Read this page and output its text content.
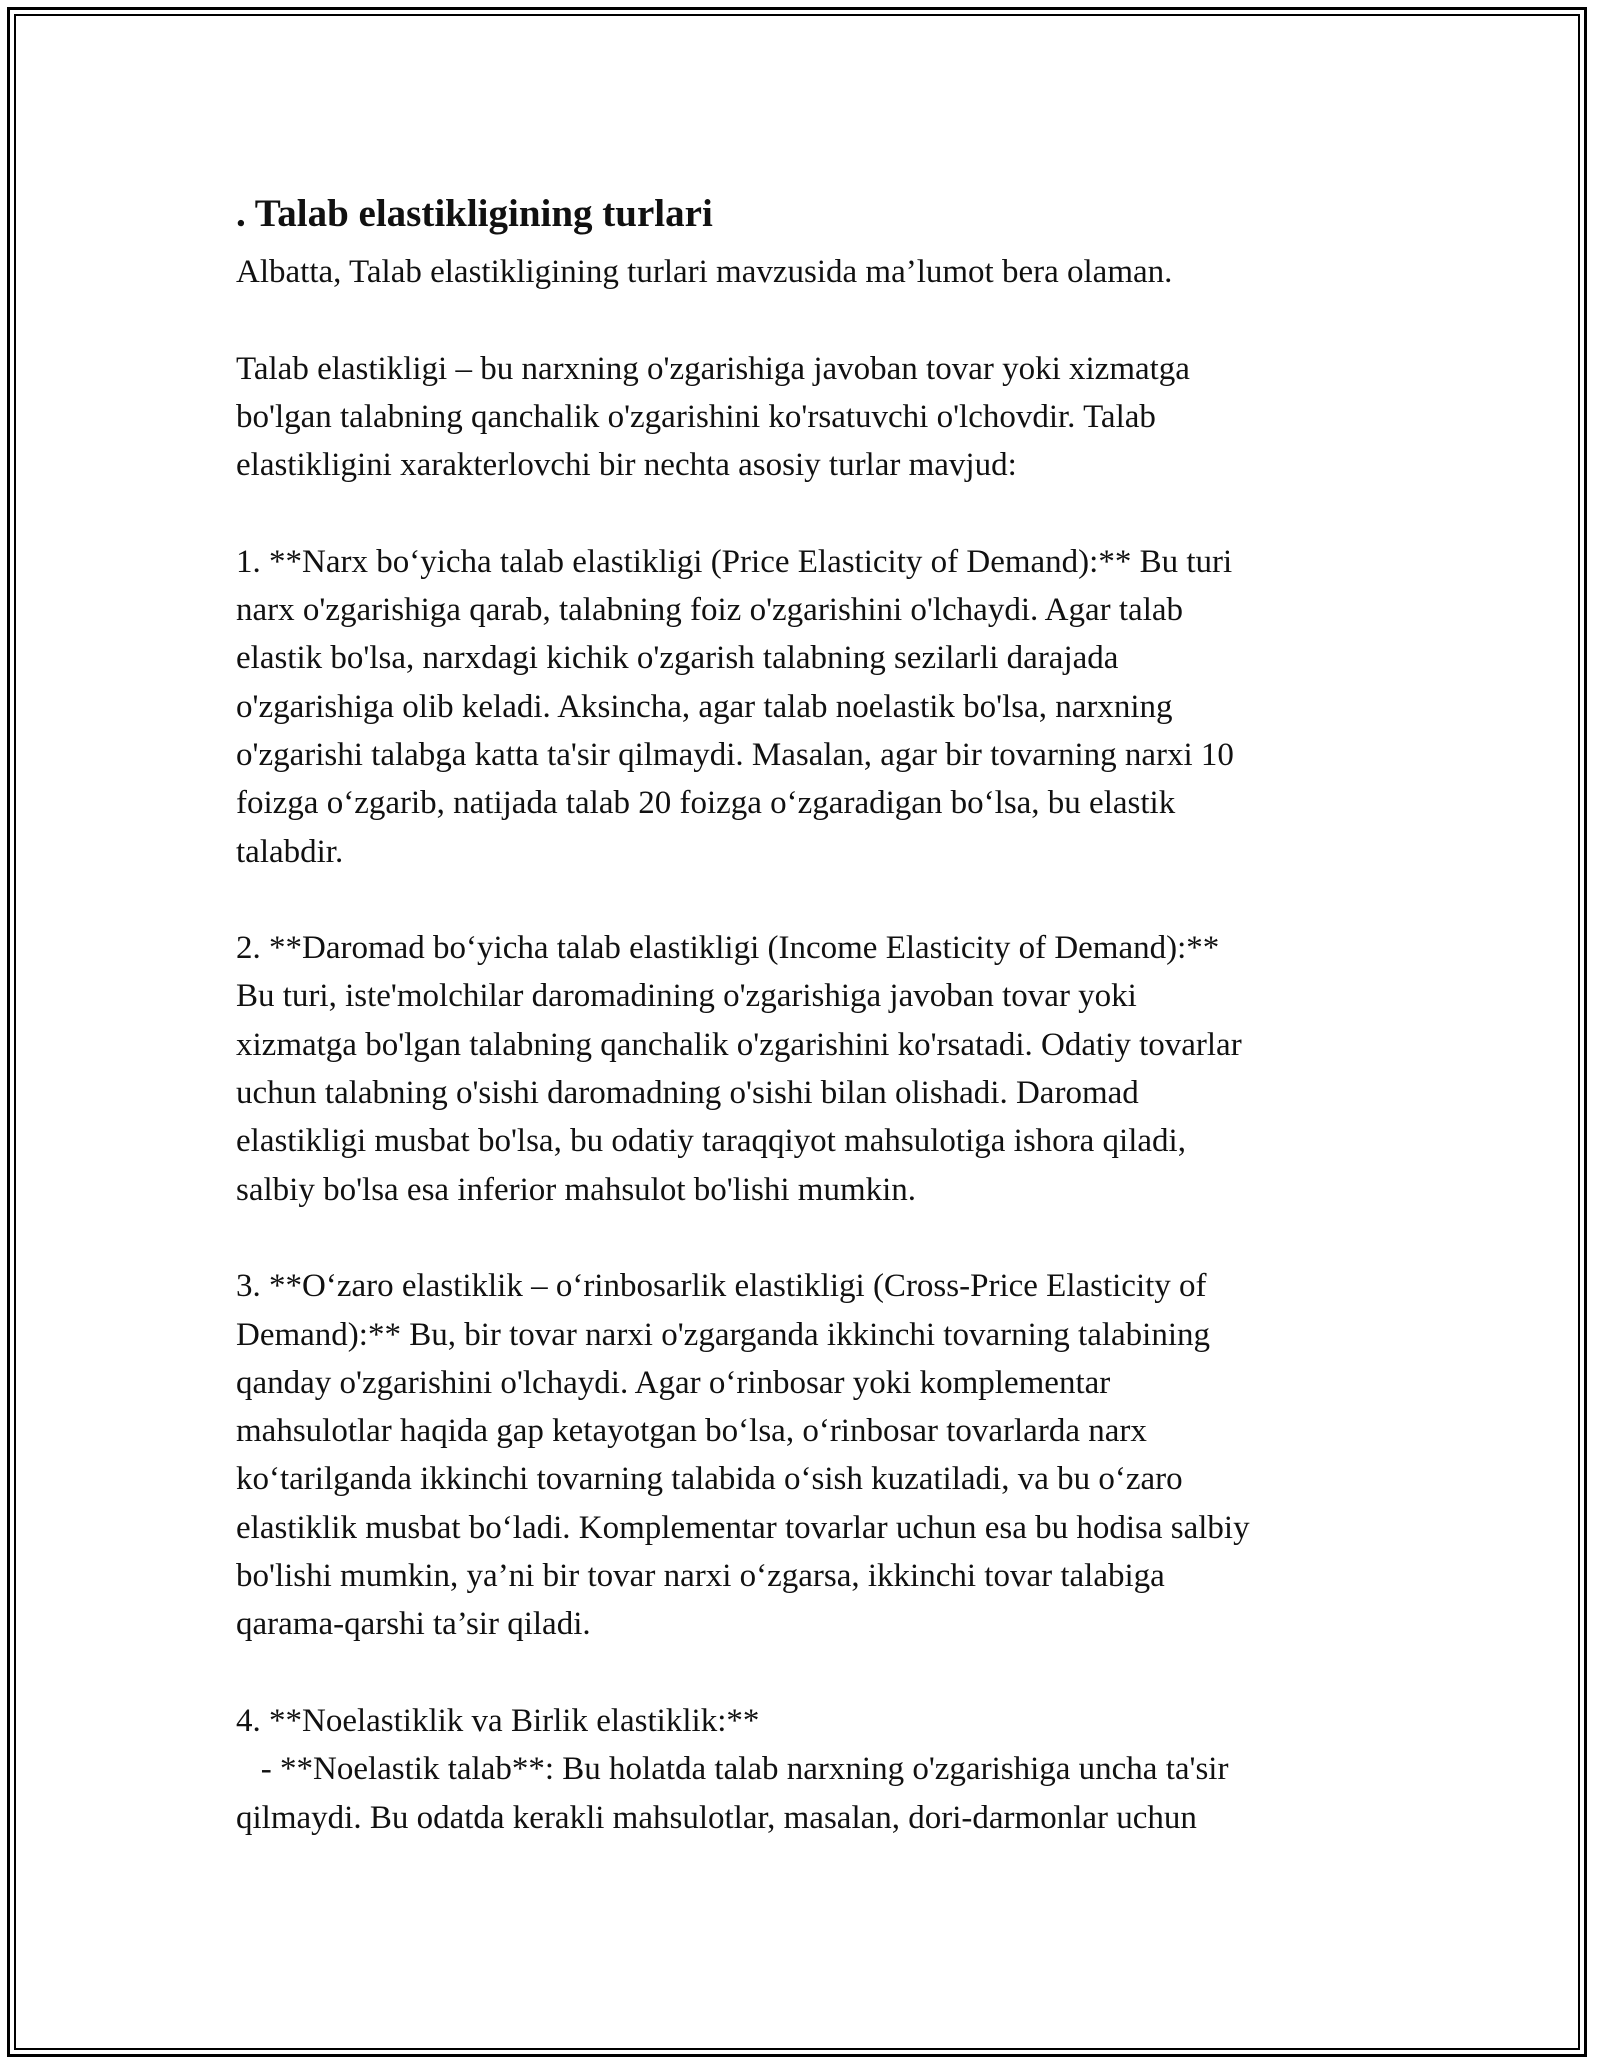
. Talab elastikligining turlari
Albatta, Talab elastikligining turlari mavzusida ma’lumot bera olaman.
Talab elastikligi – bu narxning o'zgarishiga javoban tovar yoki xizmatga
bo'lgan talabning qanchalik o'zgarishini ko'rsatuvchi o'lchovdir. Talab
elastikligini xarakterlovchi bir nechta asosiy turlar mavjud:
1. **Narx boʻyicha talab elastikligi (Price Elasticity of Demand):** Bu turi
narx o'zgarishiga qarab, talabning foiz o'zgarishini o'lchaydi. Agar talab
elastik bo'lsa, narxdagi kichik o'zgarish talabning sezilarli darajada
o'zgarishiga olib keladi. Aksincha, agar talab noelastik bo'lsa, narxning
o'zgarishi talabga katta ta'sir qilmaydi. Masalan, agar bir tovarning narxi 10
foizga oʻzgarib, natijada talab 20 foizga oʻzgaradigan boʻlsa, bu elastik
talabdir.
2. **Daromad boʻyicha talab elastikligi (Income Elasticity of Demand):**
Bu turi, iste'molchilar daromadining o'zgarishiga javoban tovar yoki
xizmatga bo'lgan talabning qanchalik o'zgarishini ko'rsatadi. Odatiy tovarlar
uchun talabning o'sishi daromadning o'sishi bilan olishadi. Daromad
elastikligi musbat bo'lsa, bu odatiy taraqqiyot mahsulotiga ishora qiladi,
salbiy bo'lsa esa inferior mahsulot bo'lishi mumkin.
3. **Oʻzaro elastiklik – oʻrinbosarlik elastikligi (Cross-Price Elasticity of
Demand):** Bu, bir tovar narxi o'zgarganda ikkinchi tovarning talabining
qanday o'zgarishini o'lchaydi. Agar oʻrinbosar yoki komplementar
mahsulotlar haqida gap ketayotgan boʻlsa, oʻrinbosar tovarlarda narx
koʻtarilganda ikkinchi tovarning talabida oʻsish kuzatiladi, va bu oʻzaro
elastiklik musbat boʻladi. Komplementar tovarlar uchun esa bu hodisa salbiy
bo'lishi mumkin, ya’ni bir tovar narxi oʻzgarsa, ikkinchi tovar talabiga
qarama-qarshi ta’sir qiladi.
4. **Noelastiklik va Birlik elastiklik:**
- **Noelastik talab**: Bu holatda talab narxning o'zgarishiga uncha ta'sir
qilmaydi. Bu odatda kerakli mahsulotlar, masalan, dori-darmonlar uchun
